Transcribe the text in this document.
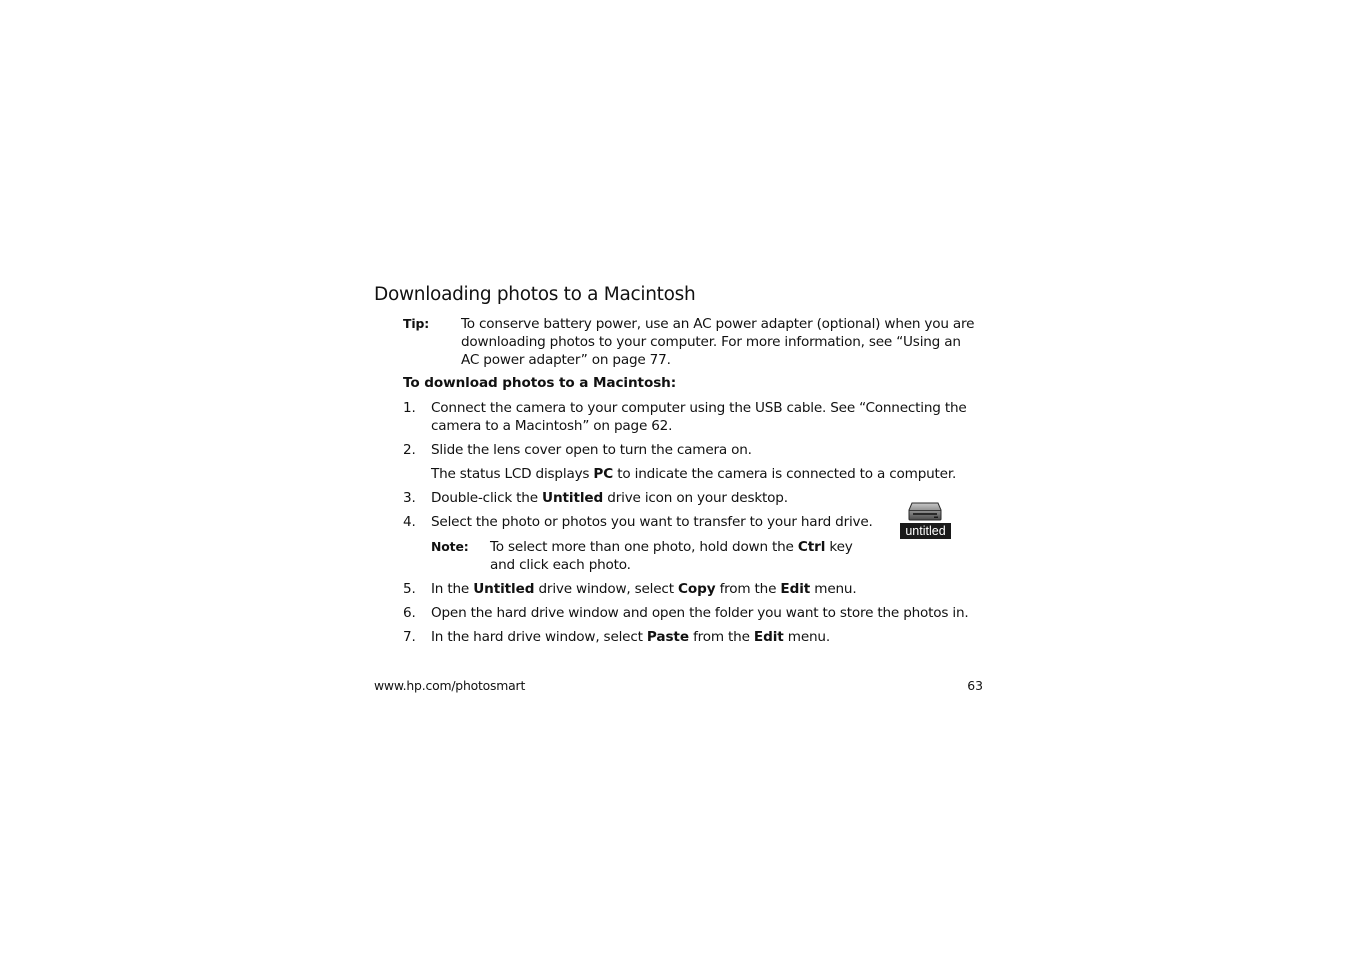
Downloading photos to a Macintosh
Tip: To conserve battery power, use an AC power adapter (optional) when you are downloading photos to your computer. For more information, see “Using an AC power adapter” on page 77.
To download photos to a Macintosh:
1. Connect the camera to your computer using the USB cable. See “Connecting the camera to a Macintosh” on page 62.
2. Slide the lens cover open to turn the camera on.
The status LCD displays PC to indicate the camera is connected to a computer.
3. Double-click the Untitled drive icon on your desktop.
4. Select the photo or photos you want to transfer to your hard drive.
Note: To select more than one photo, hold down the Ctrl key and click each photo.
untitled
5. In the Untitled drive window, select Copy from the Edit menu.
6. Open the hard drive window and open the folder you want to store the photos in.
7. In the hard drive window, select Paste from the Edit menu.
www.hp.com/photosmart	63
